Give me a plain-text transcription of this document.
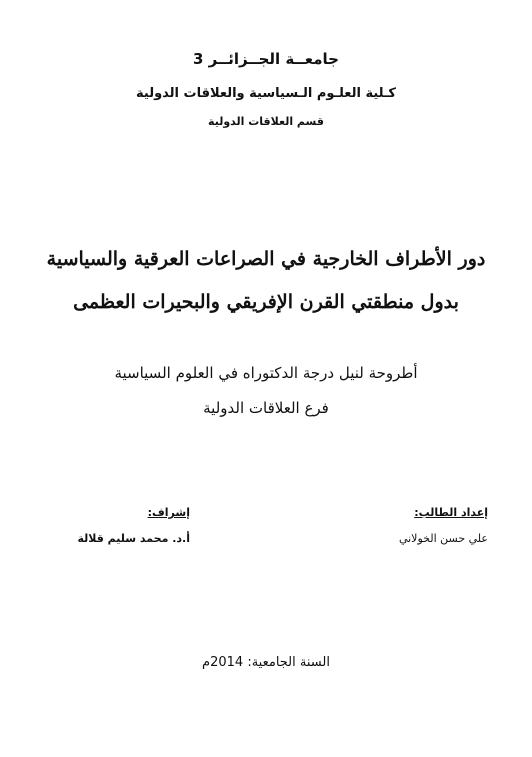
جامعــة الجــزائــر 3
كـلية العلـوم الـسياسية والعلاقات الدولية
قسم العلاقات الدولية
دور الأطراف الخارجية في الصراعات العرقية والسياسية
بدول منطقتي القرن الإفريقي والبحيرات العظمى
أطروحة لنيل درجة الدكتوراه في العلوم السياسية
فرع العلاقات الدولية
إعداد الطالب:
علي حسن الخولاني
إشراف:
أ.د. محمد سليم قلالة
السنة الجامعية: 2014م
